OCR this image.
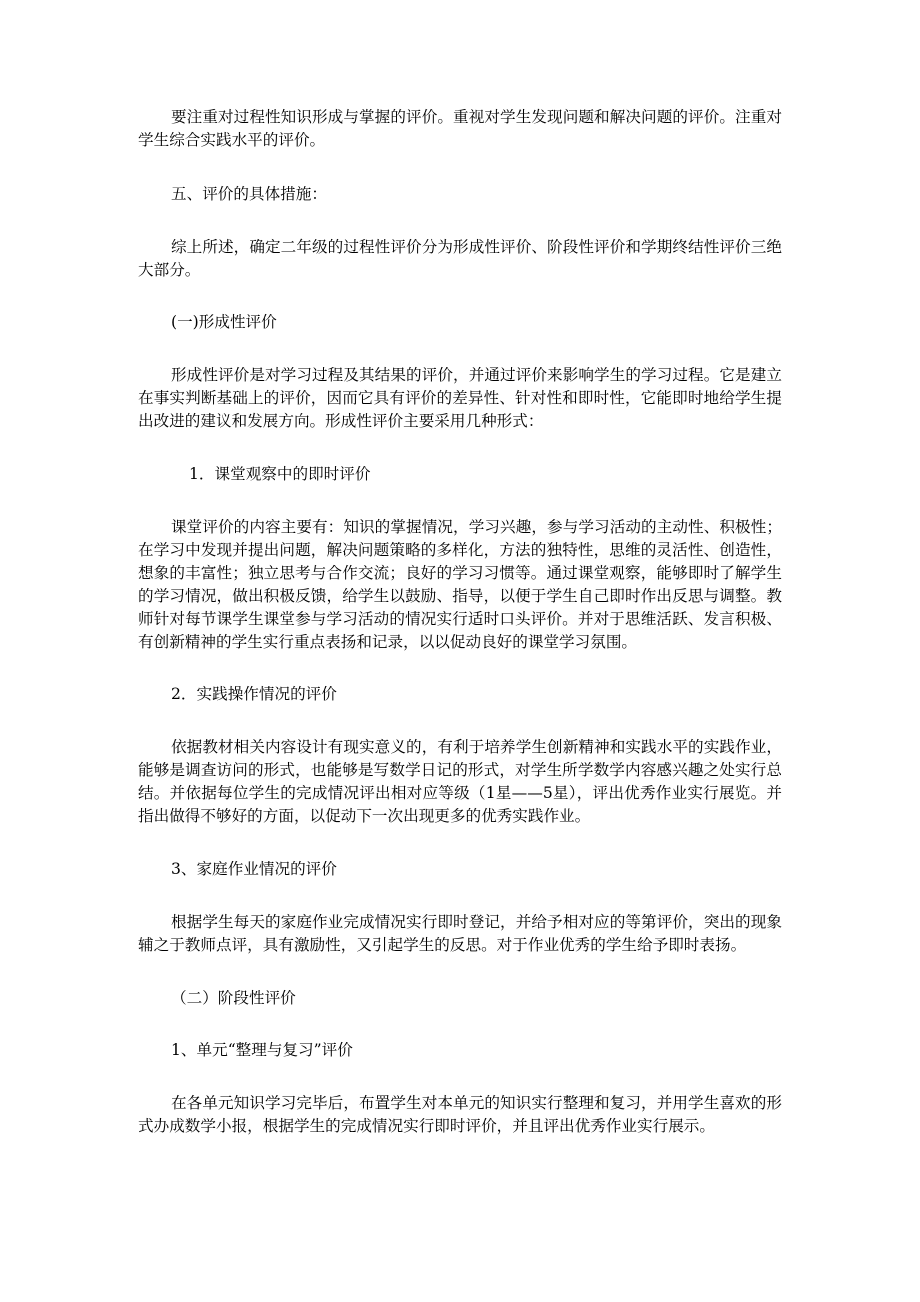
要注重对过程性知识形成与掌握的评价。重视对学生发现问题和解决问题的评价。注重对学生综合实践水平的评价。

五、评价的具体措施：

综上所述，确定二年级的过程性评价分为形成性评价、阶段性评价和学期终结性评价三绝大部分。

(一)形成性评价

形成性评价是对学习过程及其结果的评价，并通过评价来影响学生的学习过程。它是建立在事实判断基础上的评价，因而它具有评价的差异性、针对性和即时性，它能即时地给学生提出改进的建议和发展方向。形成性评价主要采用几种形式：

1．课堂观察中的即时评价

课堂评价的内容主要有：知识的掌握情况，学习兴趣，参与学习活动的主动性、积极性；在学习中发现并提出问题，解决问题策略的多样化，方法的独特性，思维的灵活性、创造性，想象的丰富性；独立思考与合作交流；良好的学习习惯等。通过课堂观察，能够即时了解学生的学习情况，做出积极反馈，给学生以鼓励、指导，以便于学生自己即时作出反思与调整。教师针对每节课学生课堂参与学习活动的情况实行适时口头评价。并对于思维活跃、发言积极、有创新精神的学生实行重点表扬和记录，以以促动良好的课堂学习氛围。

2．实践操作情况的评价

依据教材相关内容设计有现实意义的，有利于培养学生创新精神和实践水平的实践作业，能够是调查访问的形式，也能够是写数学日记的形式，对学生所学数学内容感兴趣之处实行总结。并依据每位学生的完成情况评出相对应等级（1星——5星），评出优秀作业实行展览。并指出做得不够好的方面，以促动下一次出现更多的优秀实践作业。

3、家庭作业情况的评价

根据学生每天的家庭作业完成情况实行即时登记，并给予相对应的等第评价，突出的现象辅之于教师点评，具有激励性，又引起学生的反思。对于作业优秀的学生给予即时表扬。

（二）阶段性评价

1、单元“整理与复习”评价

在各单元知识学习完毕后，布置学生对本单元的知识实行整理和复习，并用学生喜欢的形式办成数学小报，根据学生的完成情况实行即时评价，并且评出优秀作业实行展示。
